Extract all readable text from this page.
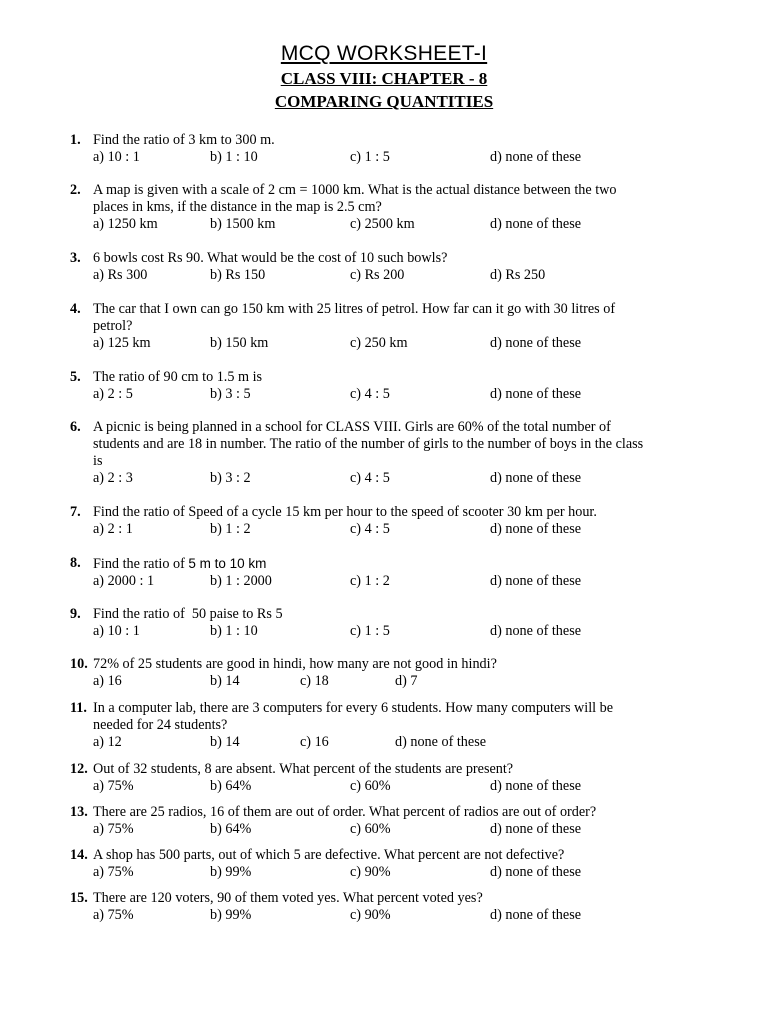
MCQ WORKSHEET-I
CLASS VIII: CHAPTER - 8
COMPARING QUANTITIES
1. Find the ratio of 3 km to 300 m.
a) 10 : 1	b) 1 : 10	c) 1 : 5	d) none of these
2. A map is given with a scale of 2 cm = 1000 km. What is the actual distance between the two
places in kms, if the distance in the map is 2.5 cm?
a) 1250 km	b) 1500 km	c) 2500 km	d) none of these
3. 6 bowls cost Rs 90. What would be the cost of 10 such bowls?
a) Rs 300	b) Rs 150	c) Rs 200	d) Rs 250
4. The car that I own can go 150 km with 25 litres of petrol. How far can it go with 30 litres of
petrol?
a) 125 km	b) 150 km	c) 250 km	d) none of these
5. The ratio of 90 cm to 1.5 m is
a) 2 : 5	b) 3 : 5	c) 4 : 5	d) none of these
6. A picnic is being planned in a school for CLASS VIII. Girls are 60% of the total number of
students and are 18 in number. The ratio of the number of girls to the number of boys in the class
is
a) 2 : 3	b) 3 : 2	c) 4 : 5	d) none of these
7. Find the ratio of Speed of a cycle 15 km per hour to the speed of scooter 30 km per hour.
a) 2 : 1	b) 1 : 2	c) 4 : 5	d) none of these
8. Find the ratio of 5 m to 10 km
a) 2000 : 1	b) 1 : 2000	c) 1 : 2	d) none of these
9. Find the ratio of  50 paise to Rs 5
a) 10 : 1	b) 1 : 10	c) 1 : 5	d) none of these
10. 72% of 25 students are good in hindi, how many are not good in hindi?
a) 16	b) 14	c) 18	d) 7
11. In a computer lab, there are 3 computers for every 6 students. How many computers will be
needed for 24 students?
a) 12	b) 14	c) 16	d) none of these
12. Out of 32 students, 8 are absent. What percent of the students are present?
a) 75%	b) 64%	c) 60%	d) none of these
13. There are 25 radios, 16 of them are out of order. What percent of radios are out of order?
a) 75%	b) 64%	c) 60%	d) none of these
14. A shop has 500 parts, out of which 5 are defective. What percent are not defective?
a) 75%	b) 99%	c) 90%	d) none of these
15. There are 120 voters, 90 of them voted yes. What percent voted yes?
a) 75%	b) 99%	c) 90%	d) none of these
